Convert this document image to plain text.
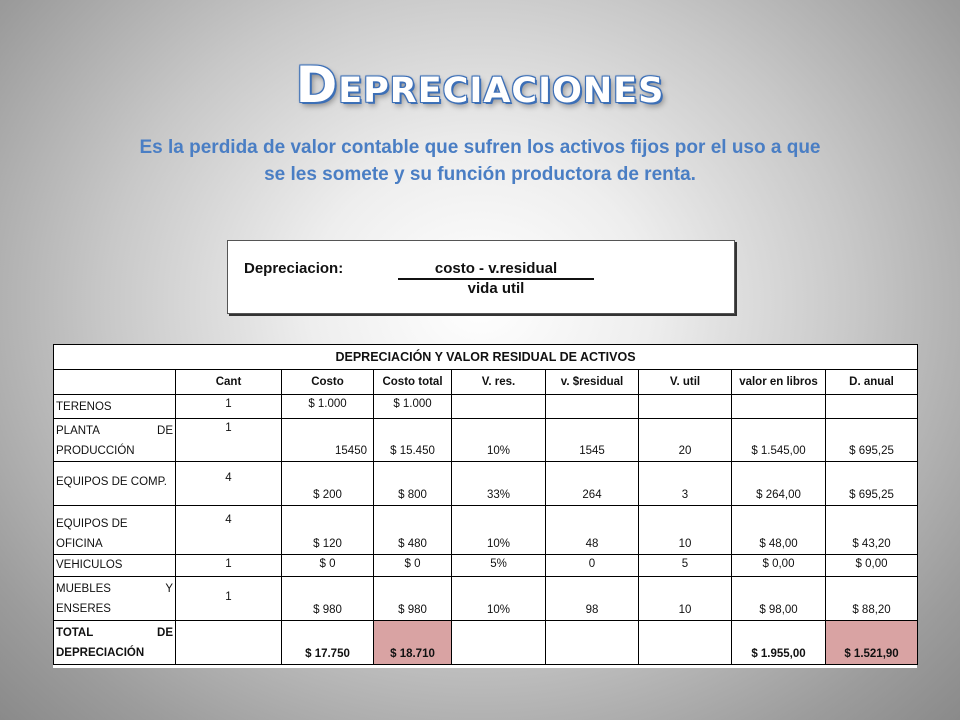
Depreciaciones
Es la perdida de valor contable que sufren los activos fijos por el uso a que se les somete y su función productora de renta.
Depreciacion:	costo - v.residual
vida util
DEPRECIACIÓN Y VALOR RESIDUAL DE ACTIVOS								
	Cant	Costo	Costo total	V. res.	v. $residual	V. util	valor en libros	D. anual
TERENOS	1	$ 1.000	$ 1.000					

PLANTA DE
PRODUCCIÓN	1	15450	$ 15.450	10%	1545	20	$ 1.545,00	$ 695,25
EQUIPOS DE COMP.	4	$ 200	$ 800	33%	264	3	$ 264,00	$ 695,25
EQUIPOS DE OFICINA	4	$ 120	$ 480	10%	48	10	$ 48,00	$ 43,20
VEHICULOS	1	$ 0	$ 0	5%	0	5	$ 0,00	$ 0,00

MUEBLES Y
ENSERES	1	$ 980	$ 980	10%	98	10	$ 98,00	$ 88,20

TOTAL DE
DEPRECIACIÓN		$ 17.750	$ 18.710				$ 1.955,00	$ 1.521,90
